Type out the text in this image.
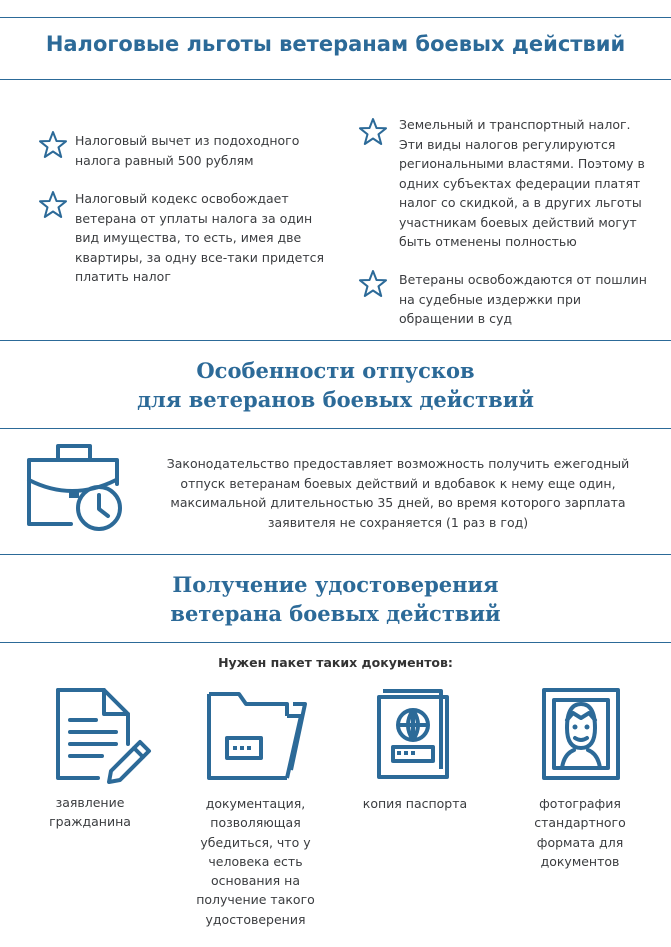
Налоговые льготы ветеранам боевых действий
Налоговый вычет из подоходного
налога равный 500 рублям
Налоговый кодекс освобождает
ветерана от уплаты налога за один
вид имущества, то есть, имея две
квартиры, за одну все-таки придется
платить налог
Земельный и транспортный налог.
Эти виды налогов регулируются
региональными властями. Поэтому в
одних субъектах федерации платят
налог со скидкой, а в других льготы
участникам боевых действий могут
быть отменены полностью
Ветераны освобождаются от пошлин
на судебные издержки при
обращении в суд
Особенности отпусков
для ветеранов боевых действий
Законодательство предоставляет возможность получить ежегодный
отпуск ветеранам боевых действий и вдобавок к нему еще один,
максимальной длительностью 35 дней, во время которого зарплата
заявителя не сохраняется (1 раз в год)
Получение удостоверения
ветерана боевых действий
Нужен пакет таких документов:
заявление
гражданина
документация,
позволяющая
убедиться, что у
человека есть
основания на
получение такого
удостоверения
копия паспорта	фотография
стандартного
формата для
документов
